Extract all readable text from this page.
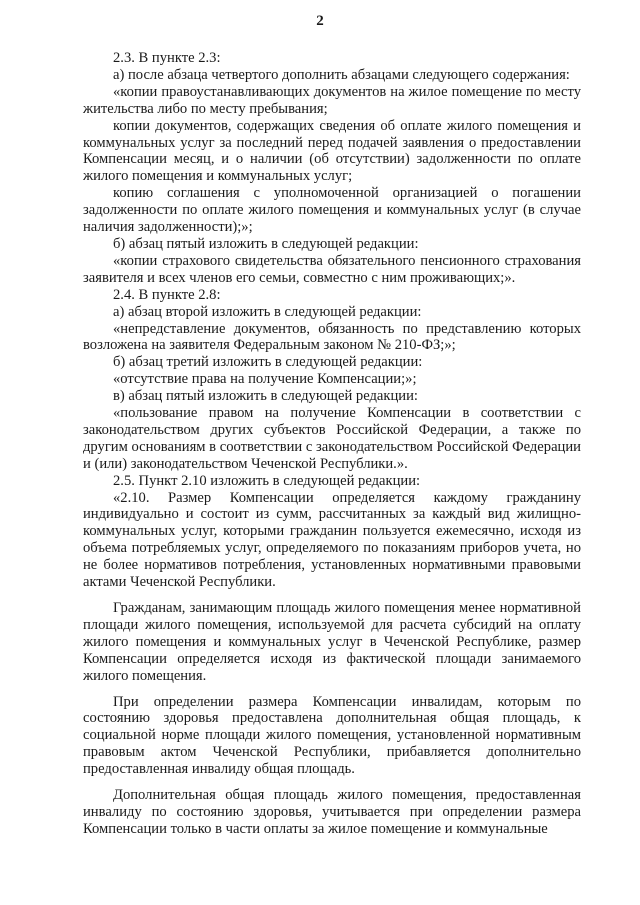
2

2.3. В пункте 2.3:

а) после абзаца четвертого дополнить абзацами следующего содержания:

«копии правоустанавливающих документов на жилое помещение по месту жительства либо по месту пребывания;

копии документов, содержащих сведения об оплате жилого помещения и коммунальных услуг за последний перед подачей заявления о предоставлении Компенсации месяц, и о наличии (об отсутствии) задолженности по оплате жилого помещения и коммунальных услуг;

копию соглашения с уполномоченной организацией о погашении задолженности по оплате жилого помещения и коммунальных услуг (в случае наличия задолженности);»;

б) абзац пятый изложить в следующей редакции:

«копии страхового свидетельства обязательного пенсионного страхования заявителя и всех членов его семьи, совместно с ним проживающих;».

2.4. В пункте 2.8:

а) абзац второй изложить в следующей редакции:

«непредставление документов, обязанность по представлению которых возложена на заявителя Федеральным законом № 210-ФЗ;»;

б) абзац третий изложить в следующей редакции:

«отсутствие права на получение Компенсации;»;

в) абзац пятый изложить в следующей редакции:

«пользование правом на получение Компенсации в соответствии с законодательством других субъектов Российской Федерации, а также по другим основаниям в соответствии с законодательством Российской Федерации и (или) законодательством Чеченской Республики.».

2.5. Пункт 2.10 изложить в следующей редакции:

«2.10. Размер Компенсации определяется каждому гражданину индивидуально и состоит из сумм, рассчитанных за каждый вид жилищно-коммунальных услуг, которыми гражданин пользуется ежемесячно, исходя из объема потребляемых услуг, определяемого по показаниям приборов учета, но не более нормативов потребления, установленных нормативными правовыми актами Чеченской Республики.

Гражданам, занимающим площадь жилого помещения менее нормативной площади жилого помещения, используемой для расчета субсидий на оплату жилого помещения и коммунальных услуг в Чеченской Республике, размер Компенсации определяется исходя из фактической площади занимаемого жилого помещения.

При определении размера Компенсации инвалидам, которым по состоянию здоровья предоставлена дополнительная общая площадь, к социальной норме площади жилого помещения, установленной нормативным правовым актом Чеченской Республики, прибавляется дополнительно предоставленная инвалиду общая площадь.

Дополнительная общая площадь жилого помещения, предоставленная инвалиду по состоянию здоровья, учитывается при определении размера Компенсации только в части оплаты за жилое помещение и коммунальные
